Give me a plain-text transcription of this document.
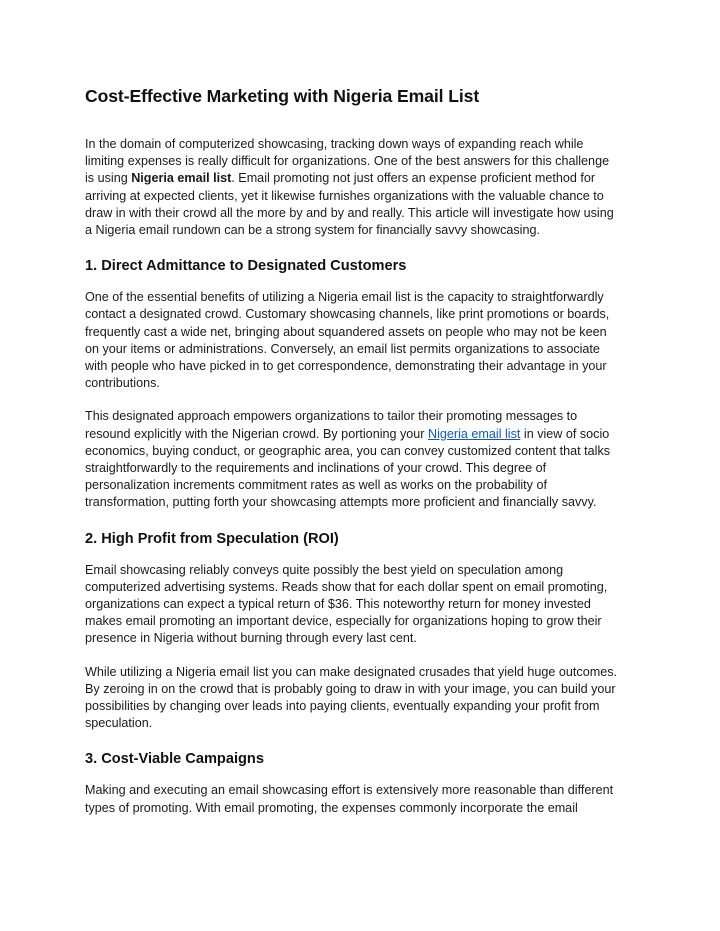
Cost-Effective Marketing with Nigeria Email List

In the domain of computerized showcasing, tracking down ways of expanding reach while
limiting expenses is really difficult for organizations. One of the best answers for this challenge
is using Nigeria email list. Email promoting not just offers an expense proficient method for
arriving at expected clients, yet it likewise furnishes organizations with the valuable chance to
draw in with their crowd all the more by and by and really. This article will investigate how using
a Nigeria email rundown can be a strong system for financially savvy showcasing.

1. Direct Admittance to Designated Customers

One of the essential benefits of utilizing a Nigeria email list is the capacity to straightforwardly
contact a designated crowd. Customary showcasing channels, like print promotions or boards,
frequently cast a wide net, bringing about squandered assets on people who may not be keen
on your items or administrations. Conversely, an email list permits organizations to associate
with people who have picked in to get correspondence, demonstrating their advantage in your
contributions.

This designated approach empowers organizations to tailor their promoting messages to
resound explicitly with the Nigerian crowd. By portioning your Nigeria email list in view of socio
economics, buying conduct, or geographic area, you can convey customized content that talks
straightforwardly to the requirements and inclinations of your crowd. This degree of
personalization increments commitment rates as well as works on the probability of
transformation, putting forth your showcasing attempts more proficient and financially savvy.

2. High Profit from Speculation (ROI)

Email showcasing reliably conveys quite possibly the best yield on speculation among
computerized advertising systems. Reads show that for each dollar spent on email promoting,
organizations can expect a typical return of $36. This noteworthy return for money invested
makes email promoting an important device, especially for organizations hoping to grow their
presence in Nigeria without burning through every last cent.

While utilizing a Nigeria email list you can make designated crusades that yield huge outcomes.
By zeroing in on the crowd that is probably going to draw in with your image, you can build your
possibilities by changing over leads into paying clients, eventually expanding your profit from
speculation.

3. Cost-Viable Campaigns

Making and executing an email showcasing effort is extensively more reasonable than different
types of promoting. With email promoting, the expenses commonly incorporate the email
